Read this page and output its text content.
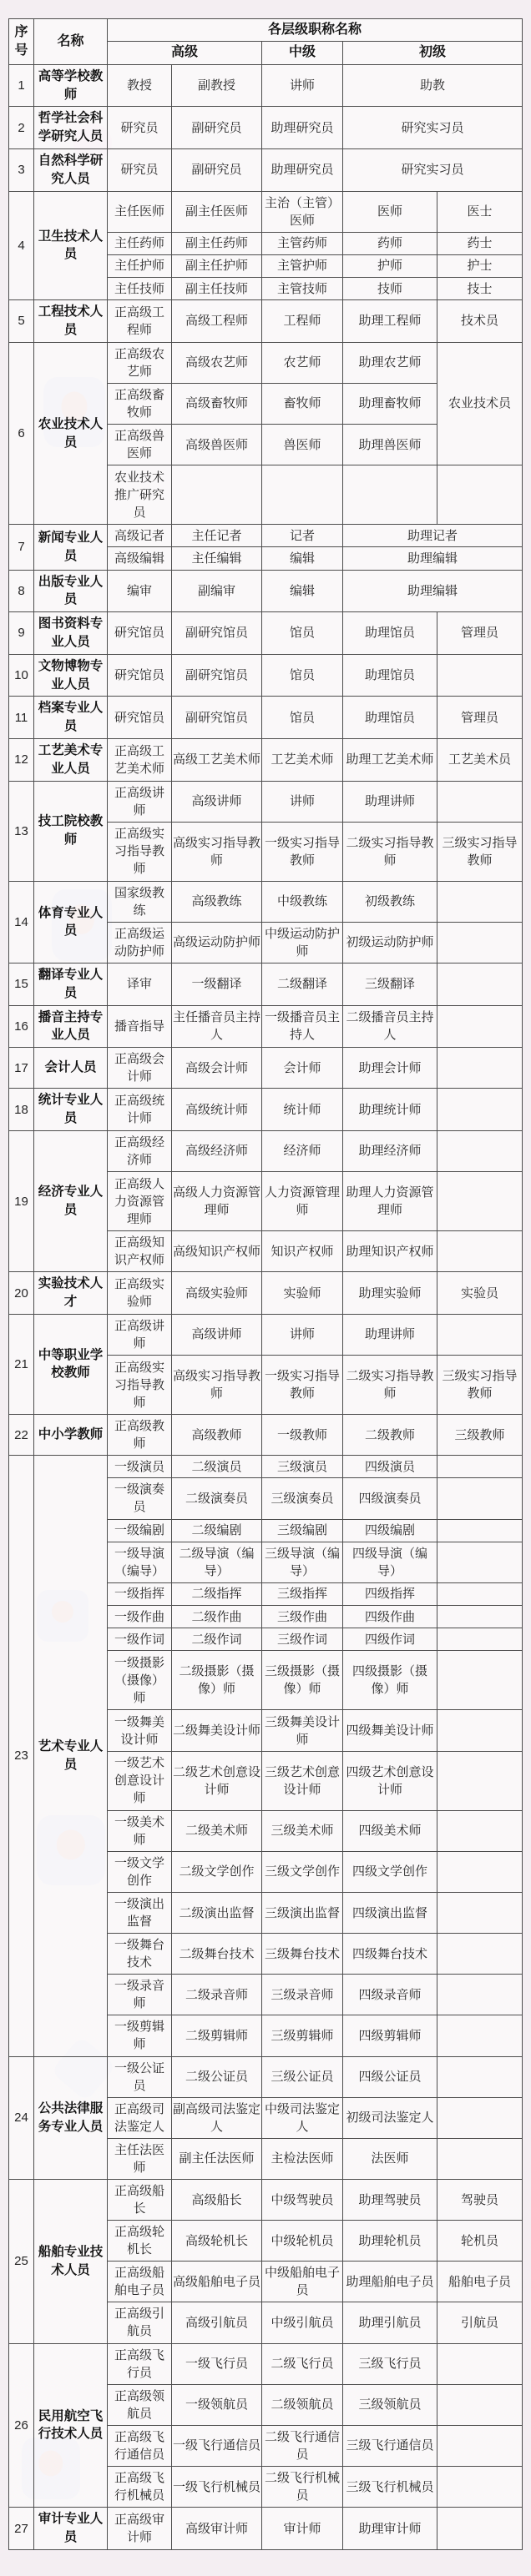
序号	名称	各层级职称名称				
		高级		中级	初级	
1	高等学校教师	教授	副教授	讲师	助教	
2	哲学社会科学研究人员	研究员	副研究员	助理研究员	研究实习员	
3	自然科学研究人员	研究员	副研究员	助理研究员	研究实习员	
4	卫生技术人员	主任医师	副主任医师	主治（主管）医师	医师	医士
		主任药师	副主任药师	主管药师	药师	药士
		主任护师	副主任护师	主管护师	护师	护士
		主任技师	副主任技师	主管技师	技师	技士
5	工程技术人员	正高级工程师	高级工程师	工程师	助理工程师	技术员
6	农业技术人员	正高级农艺师	高级农艺师	农艺师	助理农艺师	农业技术员
		正高级畜牧师	高级畜牧师	畜牧师	助理畜牧师	
		正高级兽医师	高级兽医师	兽医师	助理兽医师	
		农业技术推广研究员				
7	新闻专业人员	高级记者	主任记者	记者	助理记者	
		高级编辑	主任编辑	编辑	助理编辑	
8	出版专业人员	编审	副编审	编辑	助理编辑	
9	图书资料专业人员	研究馆员	副研究馆员	馆员	助理馆员	管理员
10	文物博物专业人员	研究馆员	副研究馆员	馆员	助理馆员	
11	档案专业人员	研究馆员	副研究馆员	馆员	助理馆员	管理员
12	工艺美术专业人员	正高级工艺美术师	高级工艺美术师	工艺美术师	助理工艺美术师	工艺美术员
13	技工院校教师	正高级讲师	高级讲师	讲师	助理讲师	
		正高级实习指导教师	高级实习指导教师	一级实习指导教师	二级实习指导教师	三级实习指导教师
14	体育专业人员	国家级教练	高级教练	中级教练	初级教练	
		正高级运动防护师	高级运动防护师	中级运动防护师	初级运动防护师	
15	翻译专业人员	译审	一级翻译	二级翻译	三级翻译	
16	播音主持专业人员	播音指导	主任播音员主持人	一级播音员主持人	二级播音员主持人	
17	会计人员	正高级会计师	高级会计师	会计师	助理会计师	
18	统计专业人员	正高级统计师	高级统计师	统计师	助理统计师	
19	经济专业人员	正高级经济师	高级经济师	经济师	助理经济师	
		正高级人力资源管理师	高级人力资源管理师	人力资源管理师	助理人力资源管理师	
		正高级知识产权师	高级知识产权师	知识产权师	助理知识产权师	
20	实验技术人才	正高级实验师	高级实验师	实验师	助理实验师	实验员
21	中等职业学校教师	正高级讲师	高级讲师	讲师	助理讲师	
		正高级实习指导教师	高级实习指导教师	一级实习指导教师	二级实习指导教师	三级实习指导教师
22	中小学教师	正高级教师	高级教师	一级教师	二级教师	三级教师
23	艺术专业人员	一级演员	二级演员	三级演员	四级演员	
		一级演奏员	二级演奏员	三级演奏员	四级演奏员	
		一级编剧	二级编剧	三级编剧	四级编剧	
		一级导演（编导）	二级导演（编导）	三级导演（编导）	四级导演（编导）	
		一级指挥	二级指挥	三级指挥	四级指挥	
		一级作曲	二级作曲	三级作曲	四级作曲	
		一级作词	二级作词	三级作词	四级作词	
		一级摄影（摄像）师	二级摄影（摄像）师	三级摄影（摄像）师	四级摄影（摄像）师	
		一级舞美设计师	二级舞美设计师	三级舞美设计师	四级舞美设计师	
		一级艺术创意设计师	二级艺术创意设计师	三级艺术创意设计师	四级艺术创意设计师	
		一级美术师	二级美术师	三级美术师	四级美术师	
		一级文学创作	二级文学创作	三级文学创作	四级文学创作	
		一级演出监督	二级演出监督	三级演出监督	四级演出监督	
		一级舞台技术	二级舞台技术	三级舞台技术	四级舞台技术	
		一级录音师	二级录音师	三级录音师	四级录音师	
		一级剪辑师	二级剪辑师	三级剪辑师	四级剪辑师	
24	公共法律服务专业人员	一级公证员	二级公证员	三级公证员	四级公证员	
		正高级司法鉴定人	副高级司法鉴定人	中级司法鉴定人	初级司法鉴定人	
		主任法医师	副主任法医师	主检法医师	法医师	
25	船舶专业技术人员	正高级船长	高级船长	中级驾驶员	助理驾驶员	驾驶员
		正高级轮机长	高级轮机长	中级轮机员	助理轮机员	轮机员
		正高级船舶电子员	高级船舶电子员	中级船舶电子员	助理船舶电子员	船舶电子员
		正高级引航员	高级引航员	中级引航员	助理引航员	引航员
26	民用航空飞行技术人员	正高级飞行员	一级飞行员	二级飞行员	三级飞行员	
		正高级领航员	一级领航员	二级领航员	三级领航员	
		正高级飞行通信员	一级飞行通信员	二级飞行通信员	三级飞行通信员	
		正高级飞行机械员	一级飞行机械员	二级飞行机械员	三级飞行机械员	
27	审计专业人员	正高级审计师	高级审计师	审计师	助理审计师	
